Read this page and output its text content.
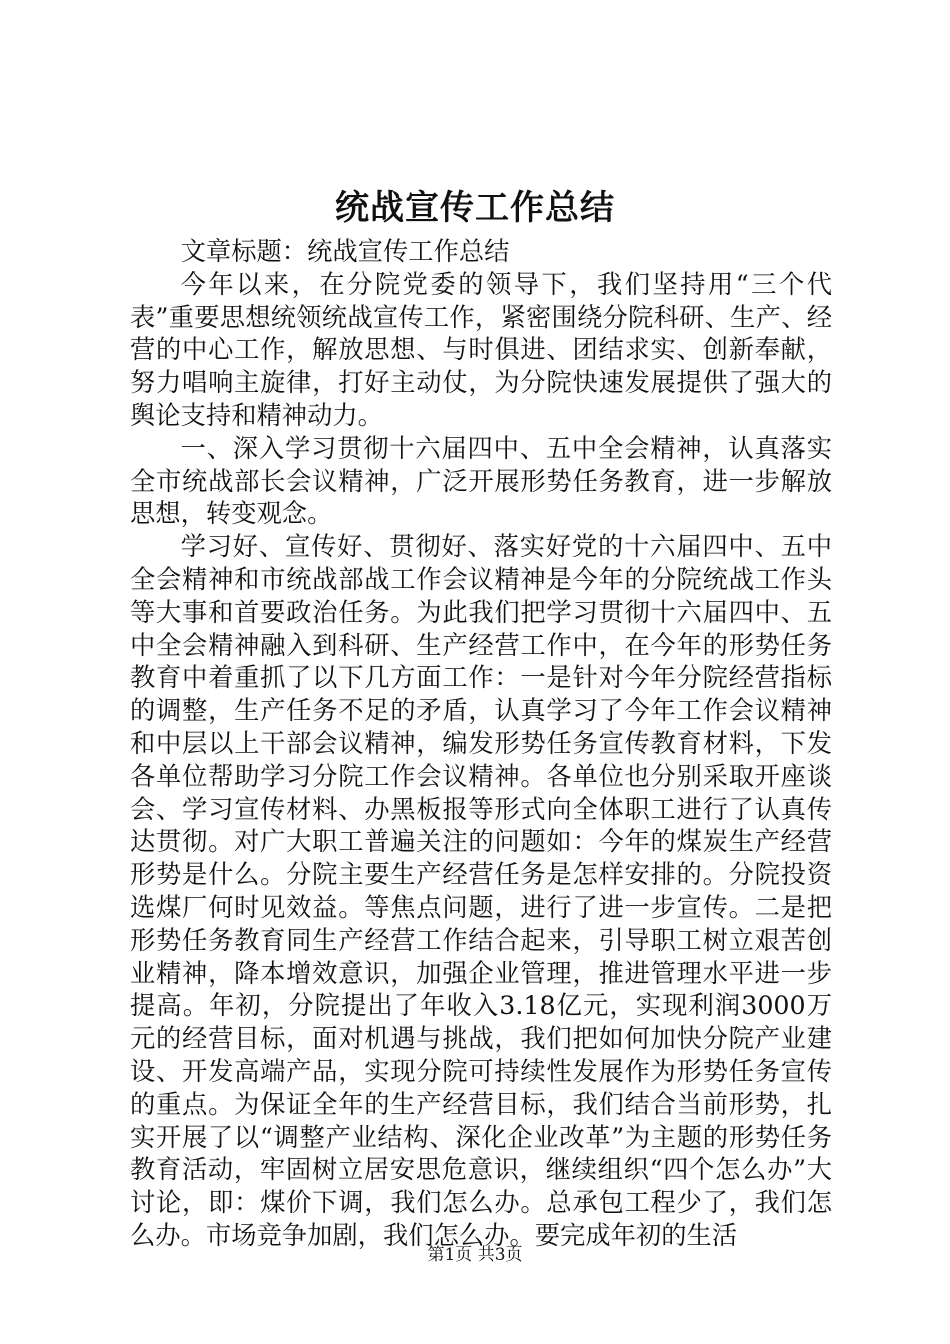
统战宣传工作总结

文章标题：统战宣传工作总结

今年以来，在分院党委的领导下，我们坚持用“三个代表”重要思想统领统战宣传工作，紧密围绕分院科研、生产、经营的中心工作，解放思想、与时俱进、团结求实、创新奉献，努力唱响主旋律，打好主动仗，为分院快速发展提供了强大的舆论支持和精神动力。

一、深入学习贯彻十六届四中、五中全会精神，认真落实全市统战部长会议精神，广泛开展形势任务教育，进一步解放思想，转变观念。

学习好、宣传好、贯彻好、落实好党的十六届四中、五中全会精神和市统战部战工作会议精神是今年的分院统战工作头等大事和首要政治任务。为此我们把学习贯彻十六届四中、五中全会精神融入到科研、生产经营工作中，在今年的形势任务教育中着重抓了以下几方面工作：一是针对今年分院经营指标的调整，生产任务不足的矛盾，认真学习了今年工作会议精神和中层以上干部会议精神，编发形势任务宣传教育材料，下发各单位帮助学习分院工作会议精神。各单位也分别采取开座谈会、学习宣传材料、办黑板报等形式向全体职工进行了认真传达贯彻。对广大职工普遍关注的问题如：今年的煤炭生产经营形势是什么。分院主要生产经营任务是怎样安排的。分院投资选煤厂何时见效益。等焦点问题，进行了进一步宣传。二是把形势任务教育同生产经营工作结合起来，引导职工树立艰苦创业精神，降本增效意识，加强企业管理，推进管理水平进一步提高。年初，分院提出了年收入3.18亿元，实现利润3000万元的经营目标，面对机遇与挑战，我们把如何加快分院产业建设、开发高端产品，实现分院可持续性发展作为形势任务宣传的重点。为保证全年的生产经营目标，我们结合当前形势，扎实开展了以“调整产业结构、深化企业改革”为主题的形势任务教育活动，牢固树立居安思危意识，继续组织“四个怎么办”大讨论，即：煤价下调，我们怎么办。总承包工程少了，我们怎么办。市场竞争加剧，我们怎么办。要完成年初的生活

第1页 共3页
